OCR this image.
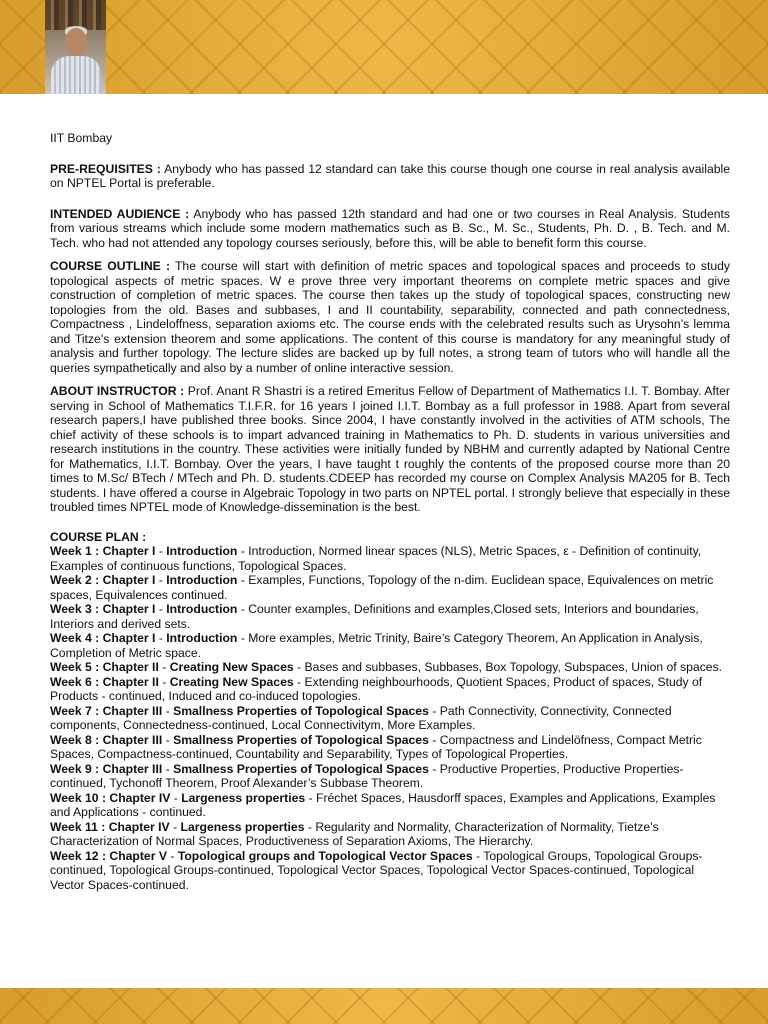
IIT Bombay

PRE-REQUISITES : Anybody who has passed 12 standard can take this course though one course in real analysis available on NPTEL Portal is preferable.

INTENDED AUDIENCE : Anybody who has passed 12th standard and had one or two courses in Real Analysis. Students from various streams which include some modern mathematics such as B. Sc., M. Sc., Students, Ph. D. , B. Tech. and M. Tech. who had not attended any topology courses seriously, before this, will be able to benefit form this course.

COURSE OUTLINE : The course will start with definition of metric spaces and topological spaces and proceeds to study topological aspects of metric spaces. W e prove three very important theorems on complete metric spaces and give construction of completion of metric spaces. The course then takes up the study of topological spaces, constructing new topologies from the old. Bases and subbases, I and II countability, separability, connected and path connectedness, Compactness , Lindeloffness, separation axioms etc. The course ends with the celebrated results such as Urysohn’s lemma and Titze’s extension theorem and some applications. The content of this course is mandatory for any meaningful study of analysis and further topology. The lecture slides are backed up by full notes, a strong team of tutors who will handle all the queries sympathetically and also by a number of online interactive session.

ABOUT INSTRUCTOR : Prof. Anant R Shastri is a retired Emeritus Fellow of Department of Mathematics I.I. T. Bombay. After serving in School of Mathematics T.I.F.R. for 16 years I joined I.I.T. Bombay as a full professor in 1988. Apart from several research papers,I have published three books. Since 2004, I have constantly involved in the activities of ATM schools, The chief activity of these schools is to impart advanced training in Mathematics to Ph. D. students in various universities and research institutions in the country. These activities were initially funded by NBHM and currently adapted by National Centre for Mathematics, I.I.T. Bombay. Over the years, I have taught t roughly the contents of the proposed course more than 20 times to M.Sc/ BTech / MTech and Ph. D. students.CDEEP has recorded my course on Complex Analysis MA205 for B. Tech students. I have offered a course in Algebraic Topology in two parts on NPTEL portal. I strongly believe that especially in these troubled times NPTEL mode of Knowledge-dissemination is the best.

COURSE PLAN :

Week 1 : Chapter I - Introduction - Introduction, Normed linear spaces (NLS), Metric Spaces, ε - Definition of continuity, Examples of continuous functions, Topological Spaces.

Week 2 : Chapter I - Introduction - Examples, Functions, Topology of the n-dim. Euclidean space, Equivalences on metric
spaces, Equivalences continued.

Week 3 : Chapter I - Introduction - Counter examples, Definitions and examples,Closed sets, Interiors and boundaries, Interiors and derived sets.

Week 4 : Chapter I - Introduction - More examples, Metric Trinity, Baire’s Category Theorem, An Application in Analysis, Completion of Metric space.

Week 5 : Chapter II - Creating New Spaces - Bases and subbases, Subbases, Box Topology, Subspaces, Union of spaces.

Week 6 : Chapter II - Creating New Spaces - Extending neighbourhoods, Quotient Spaces, Product of spaces, Study of Products - continued, Induced and co-induced topologies.

Week 7 : Chapter III - Smallness Properties of Topological Spaces - Path Connectivity, Connectivity, Connected components, Connectedness-continued, Local Connectivitym, More Examples.

Week 8 : Chapter III - Smallness Properties of Topological Spaces - Compactness and Lindelöfness, Compact Metric Spaces, Compactness-continued, Countability and Separability, Types of Topological Properties.

Week 9 : Chapter III - Smallness Properties of Topological Spaces - Productive Properties, Productive Properties-continued, Tychonoff Theorem, Proof Alexander’s Subbase Theorem.

Week 10 : Chapter IV - Largeness properties - Fréchet Spaces, Hausdorff spaces, Examples and Applications, Examples and Applications - continued.

Week 11 : Chapter IV - Largeness properties - Regularity and Normality, Characterization of Normality, Tietze’s Characterization of Normal Spaces, Productiveness of Separation Axioms, The Hierarchy.

Week 12 : Chapter V - Topological groups and Topological Vector Spaces - Topological Groups, Topological Groups-continued, Topological Groups-continued, Topological Vector Spaces, Topological Vector Spaces-continued, Topological Vector Spaces-continued.
